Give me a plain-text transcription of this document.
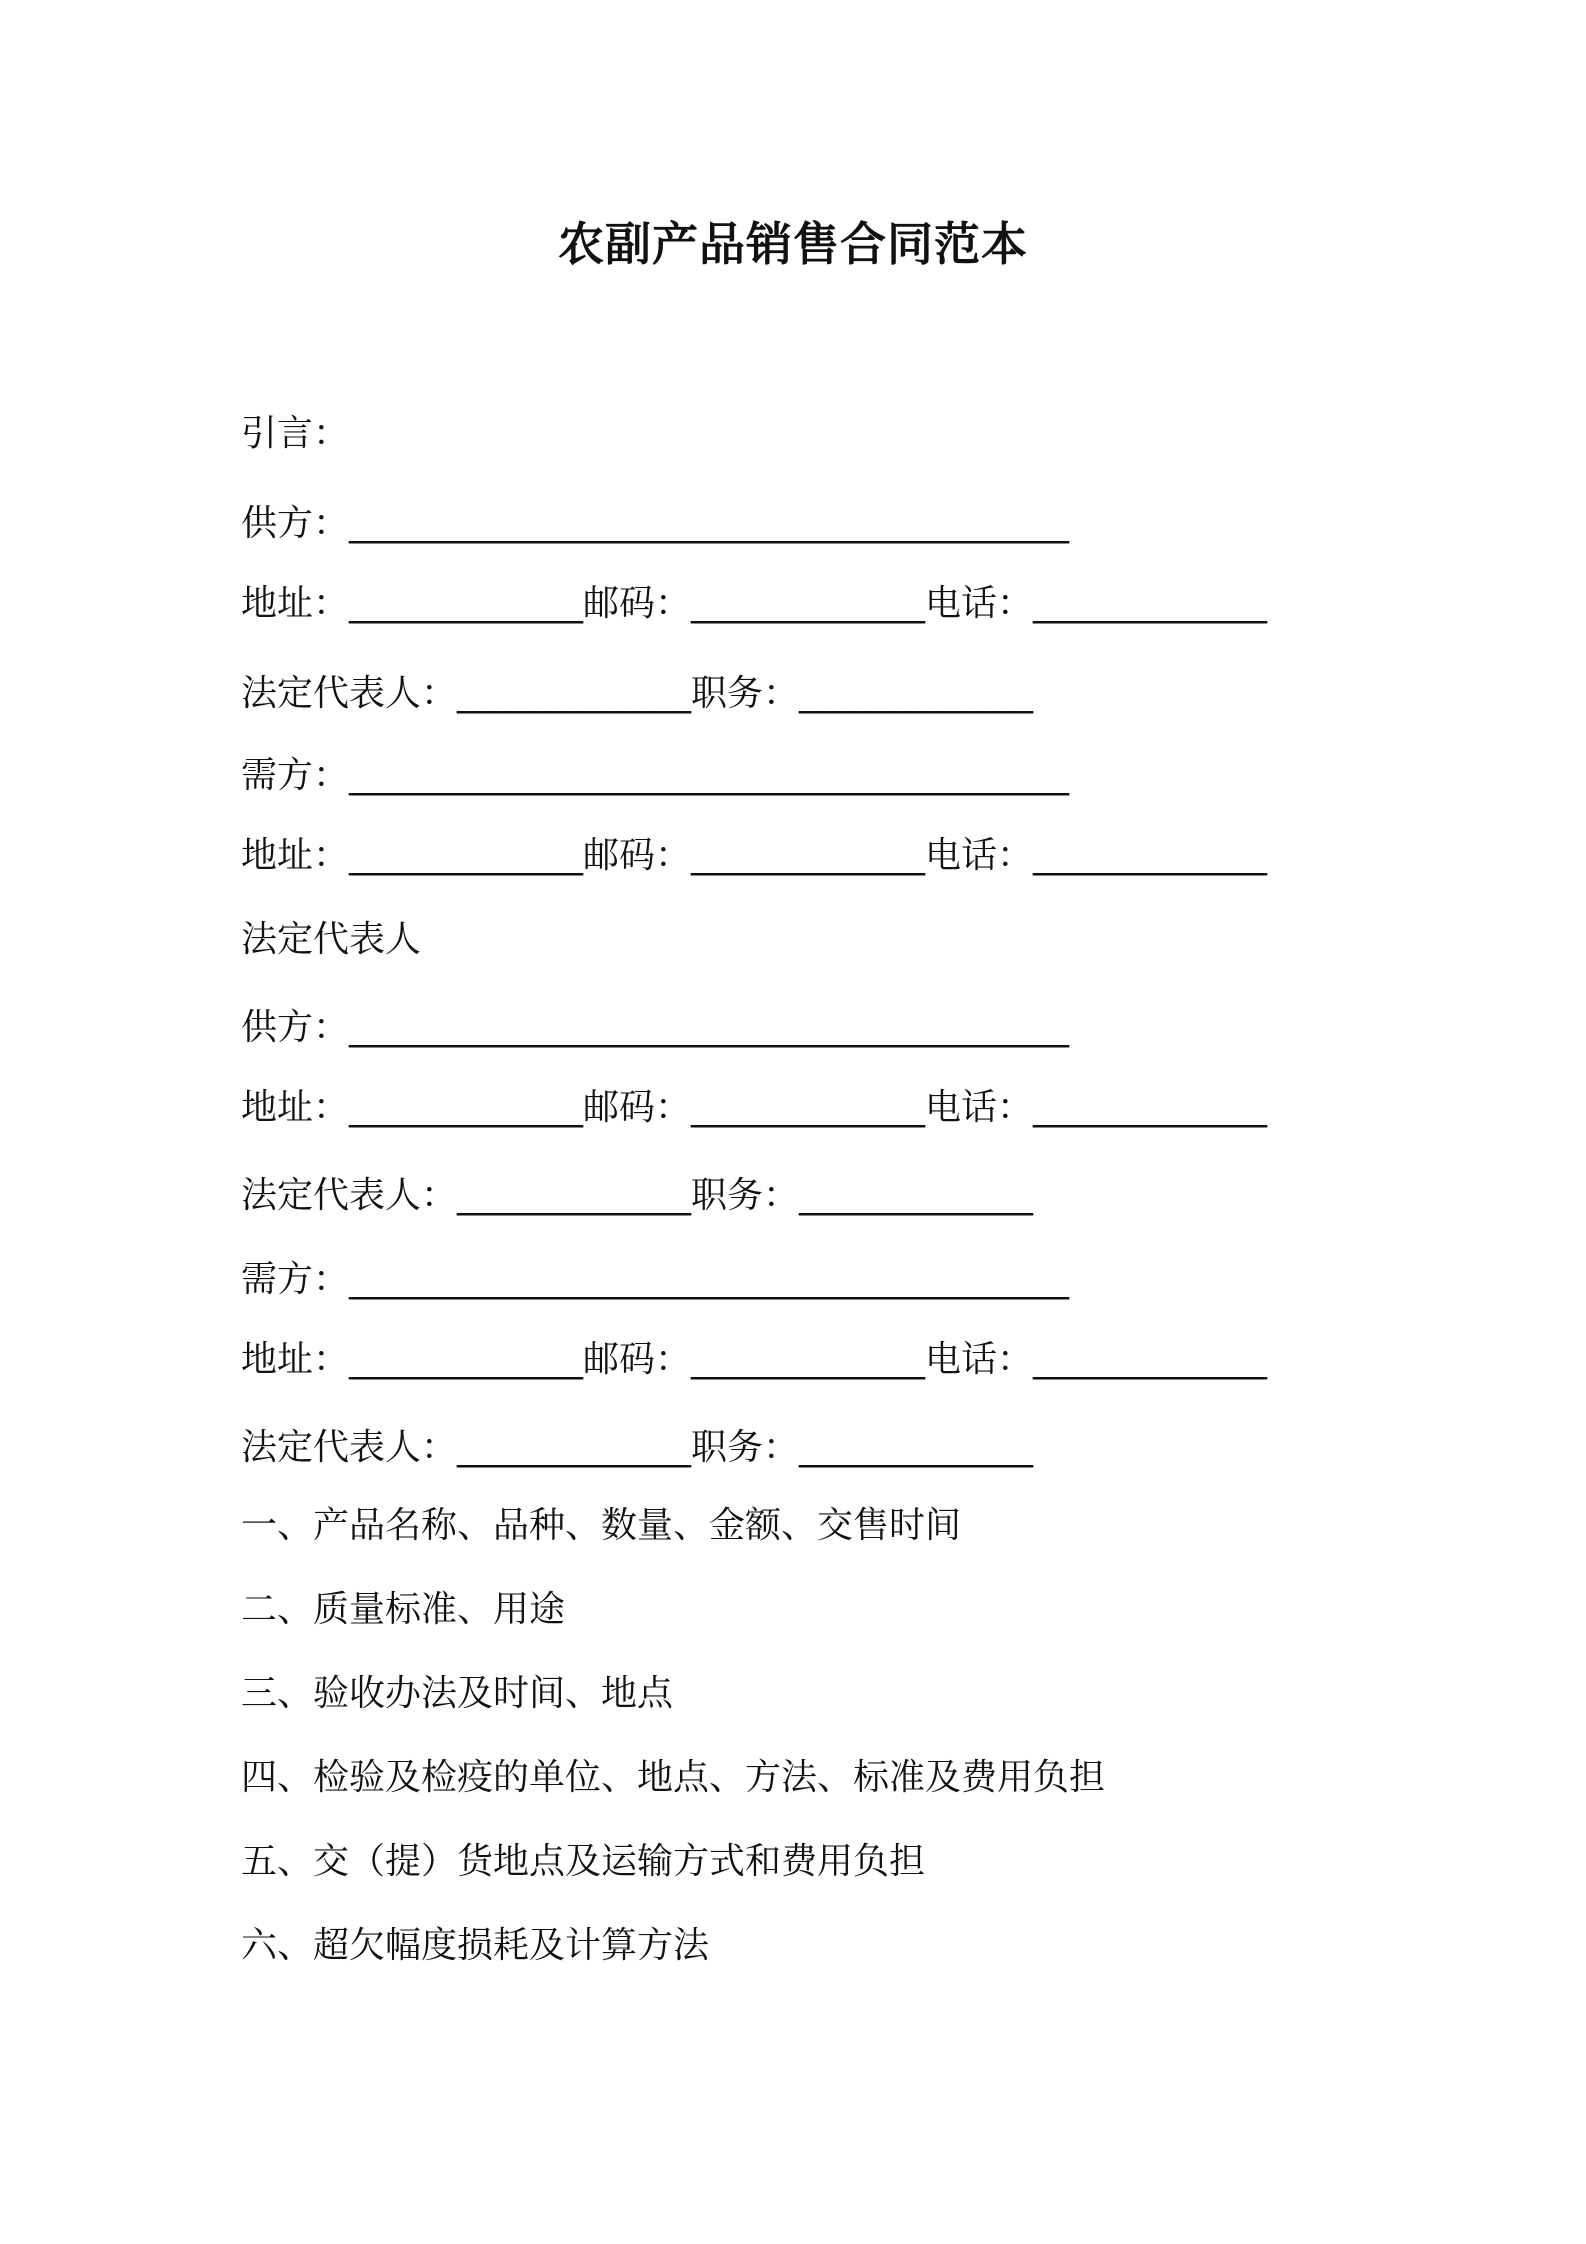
农副产品销售合同范本
引言：
供方：________________________________________
地址：_____________邮码：_____________电话：_____________
法定代表人：_____________职务：_____________
需方：________________________________________
地址：_____________邮码：_____________电话：_____________
法定代表人
供方：________________________________________
地址：_____________邮码：_____________电话：_____________
法定代表人：_____________职务：_____________
需方：________________________________________
地址：_____________邮码：_____________电话：_____________
法定代表人：_____________职务：_____________
一、产品名称、品种、数量、金额、交售时间
二、质量标准、用途
三、验收办法及时间、地点
四、检验及检疫的单位、地点、方法、标准及费用负担
五、交（提）货地点及运输方式和费用负担
六、超欠幅度损耗及计算方法
